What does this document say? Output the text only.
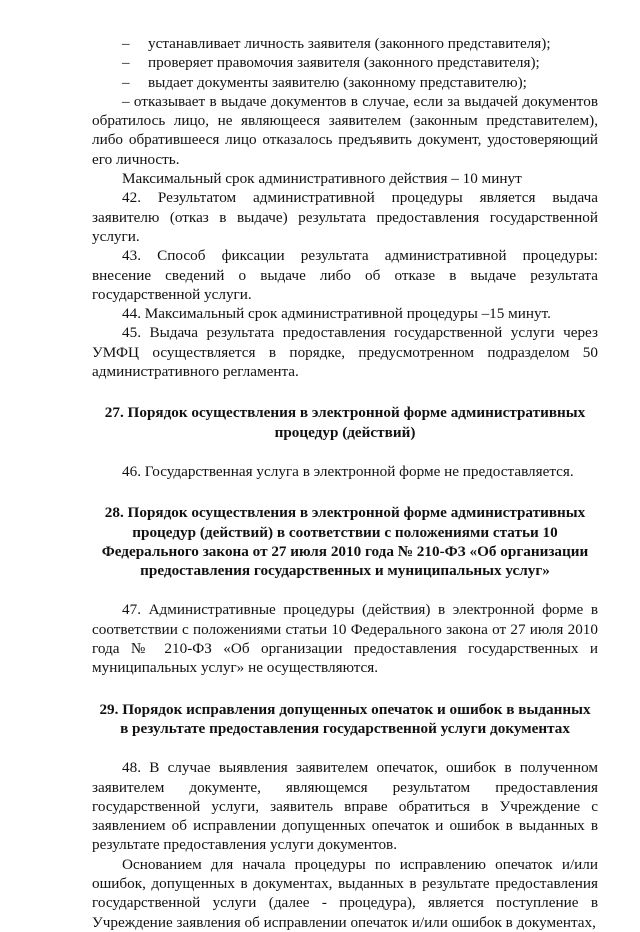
–	устанавливает личность заявителя (законного представителя);
–	проверяет правомочия заявителя (законного представителя);
–	выдает документы заявителю (законному представителю);

– отказывает в выдаче документов в случае, если за выдачей документов обратилось лицо, не являющееся заявителем (законным представителем), либо обратившееся лицо отказалось предъявить документ, удостоверяющий его личность.

Максимальный срок административного действия – 10 минут

42. Результатом административной процедуры является выдача заявителю (отказ в выдаче) результата предоставления государственной услуги.

43. Способ фиксации результата административной процедуры: внесение сведений о выдаче либо об отказе в выдаче результата государственной услуги.

44. Максимальный срок административной процедуры –15 минут.

45. Выдача результата предоставления государственной услуги через УМФЦ осуществляется в порядке, предусмотренном подразделом 50 административного регламента.

27. Порядок осуществления в электронной форме административных процедур (действий)

46. Государственная услуга в электронной форме не предоставляется.

28. Порядок осуществления в электронной форме административных процедур (действий) в соответствии с положениями статьи 10 Федерального закона от 27 июля 2010 года № 210-ФЗ «Об организации предоставления государственных и муниципальных услуг»

47. Административные процедуры (действия) в электронной форме в соответствии с положениями статьи 10 Федерального закона от 27 июля 2010 года № 210-ФЗ «Об организации предоставления государственных и муниципальных услуг» не осуществляются.

29. Порядок исправления допущенных опечаток и ошибок в выданных в результате предоставления государственной услуги документах

48. В случае выявления заявителем опечаток, ошибок в полученном заявителем документе, являющемся результатом предоставления государственной услуги, заявитель вправе обратиться в Учреждение с заявлением об исправлении допущенных опечаток и ошибок в выданных в результате предоставления услуги документов.

Основанием для начала процедуры по исправлению опечаток и/или ошибок, допущенных в документах, выданных в результате предоставления государственной услуги (далее - процедура), является поступление в Учреждение заявления об исправлении опечаток и/или ошибок в документах,
